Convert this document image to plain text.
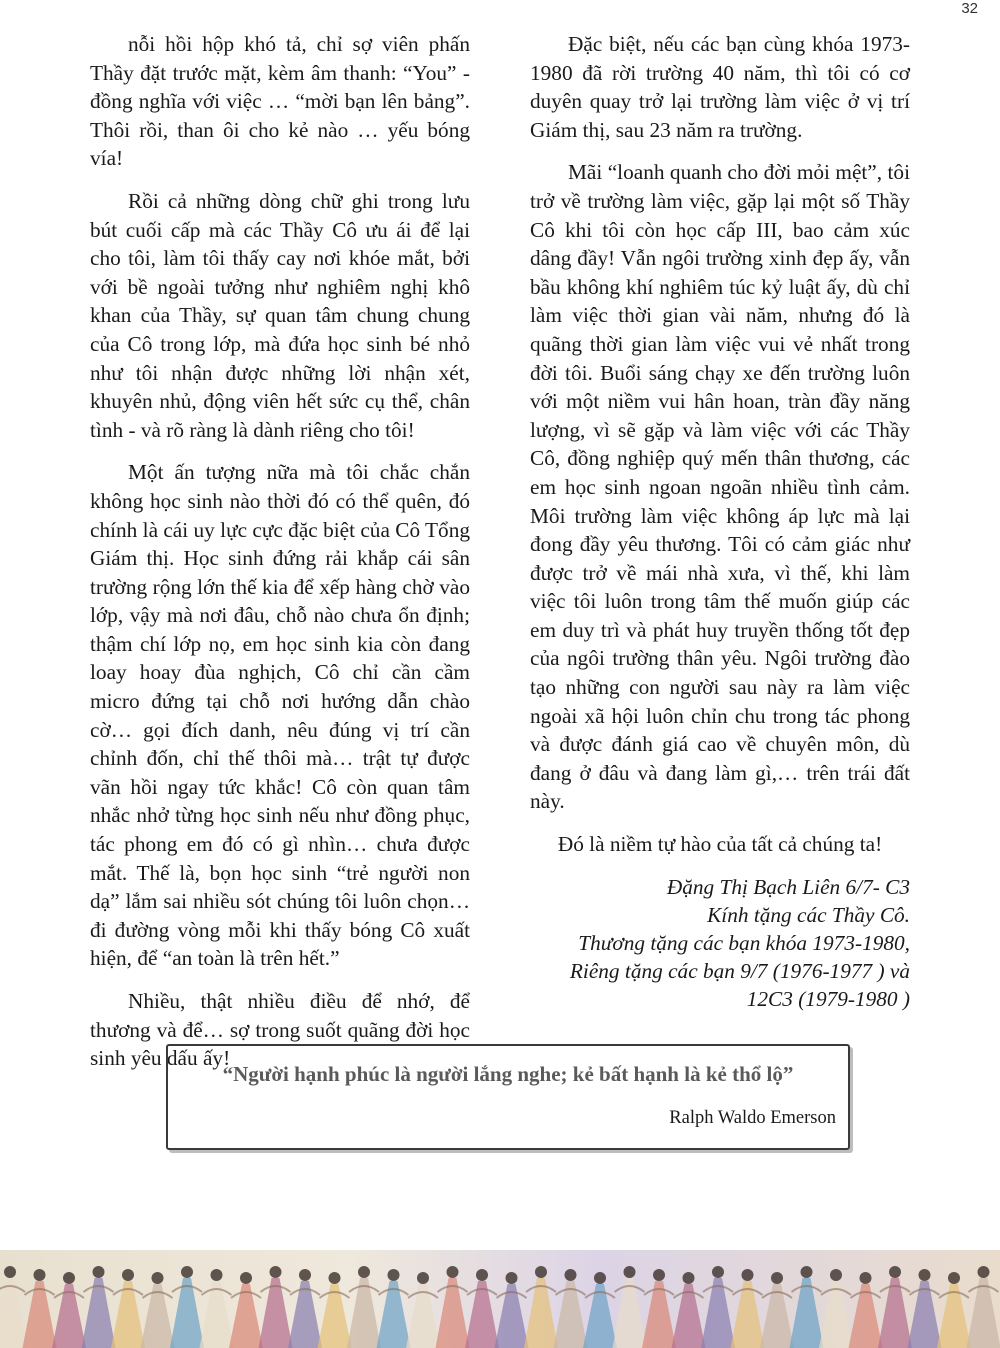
32

nỗi hồi hộp khó tả, chỉ sợ viên phấn Thầy đặt trước mặt, kèm âm thanh: “You” - đồng nghĩa với việc … “mời bạn lên bảng”. Thôi rồi, than ôi cho kẻ nào … yếu bóng vía!

Rồi cả những dòng chữ ghi trong lưu bút cuối cấp mà các Thầy Cô ưu ái để lại cho tôi, làm tôi thấy cay nơi khóe mắt, bởi với bề ngoài tưởng như nghiêm nghị khô khan của Thầy, sự quan tâm chung chung của Cô trong lớp, mà đứa học sinh bé nhỏ như tôi nhận được những lời nhận xét, khuyên nhủ, động viên hết sức cụ thể, chân tình - và rõ ràng là dành riêng cho tôi!

Một ấn tượng nữa mà tôi chắc chắn không học sinh nào thời đó có thể quên, đó chính là cái uy lực cực đặc biệt của Cô Tổng Giám thị. Học sinh đứng rải khắp cái sân trường rộng lớn thế kia để xếp hàng chờ vào lớp, vậy mà nơi đâu, chỗ nào chưa ổn định; thậm chí lớp nọ, em học sinh kia còn đang loay hoay đùa nghịch, Cô chỉ cần cầm micro đứng tại chỗ nơi hướng dẫn chào cờ… gọi đích danh, nêu đúng vị trí cần chỉnh đốn, chỉ thế thôi mà… trật tự được vãn hồi ngay tức khắc! Cô còn quan tâm nhắc nhở từng học sinh nếu như đồng phục, tác phong em đó có gì nhìn… chưa được mắt. Thế là, bọn học sinh “trẻ người non dạ” lắm sai nhiều sót chúng tôi luôn chọn… đi đường vòng mỗi khi thấy bóng Cô xuất hiện, để “an toàn là trên hết.”

Nhiều, thật nhiều điều để nhớ, để thương và để… sợ trong suốt quãng đời học sinh yêu dấu ấy!

Đặc biệt, nếu các bạn cùng khóa 1973-1980 đã rời trường 40 năm, thì tôi có cơ duyên quay trở lại trường làm việc ở vị trí Giám thị, sau 23 năm ra trường.

Mãi “loanh quanh cho đời mỏi mệt”, tôi trở về trường làm việc, gặp lại một số Thầy Cô khi tôi còn học cấp III, bao cảm xúc dâng đầy! Vẫn ngôi trường xinh đẹp ấy, vẫn bầu không khí nghiêm túc kỷ luật ấy, dù chỉ làm việc thời gian vài năm, nhưng đó là quãng thời gian làm việc vui vẻ nhất trong đời tôi. Buổi sáng chạy xe đến trường luôn với một niềm vui hân hoan, tràn đầy năng lượng, vì sẽ gặp và làm việc với các Thầy Cô, đồng nghiệp quý mến thân thương, các em học sinh ngoan ngoãn nhiều tình cảm. Môi trường làm việc không áp lực mà lại đong đầy yêu thương. Tôi có cảm giác như được trở về mái nhà xưa, vì thế, khi làm việc tôi luôn trong tâm thế muốn giúp các em duy trì và phát huy truyền thống tốt đẹp của ngôi trường thân yêu. Ngôi trường đào tạo những con người sau này ra làm việc ngoài xã hội luôn chỉn chu trong tác phong và được đánh giá cao về chuyên môn, dù đang ở đâu và đang làm gì,… trên trái đất này.

Đó là niềm tự hào của tất cả chúng ta!

Đặng Thị Bạch Liên 6/7- C3
Kính tặng các Thầy Cô.
Thương tặng các bạn khóa 1973-1980,
Riêng tặng các bạn 9/7 (1976-1977 ) và
12C3 (1979-1980 )
“Người hạnh phúc là người lắng nghe; kẻ bất hạnh là kẻ thổ lộ”
Ralph Waldo Emerson
